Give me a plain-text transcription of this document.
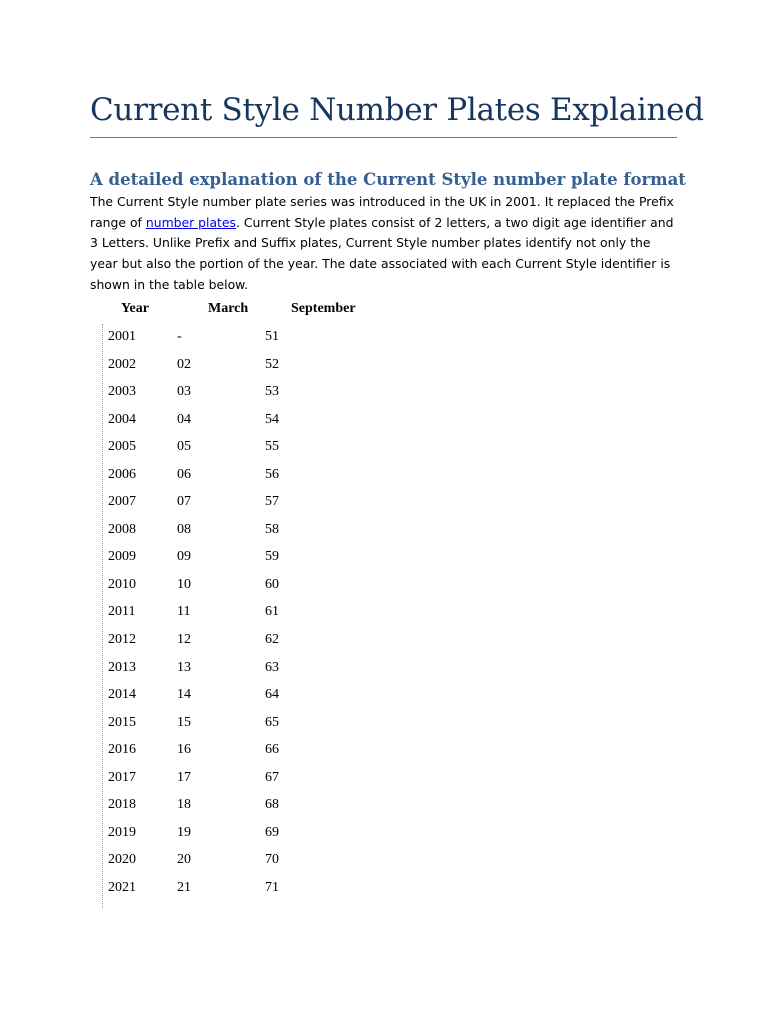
Current Style Number Plates Explained
A detailed explanation of the Current Style number plate format

The Current Style number plate series was introduced in the UK in 2001. It replaced the Prefix range of number plates. Current Style plates consist of 2 letters, a two digit age identifier and 3 Letters. Unlike Prefix and Suffix plates, Current Style number plates identify not only the year but also the portion of the year. The date associated with each Current Style identifier is shown in the table below.

Year	March	September
2001	-	51
2002	02	52
2003	03	53
2004	04	54
2005	05	55
2006	06	56
2007	07	57
2008	08	58
2009	09	59
2010	10	60
2011	11	61
2012	12	62
2013	13	63
2014	14	64
2015	15	65
2016	16	66
2017	17	67
2018	18	68
2019	19	69
2020	20	70
2021	21	71
